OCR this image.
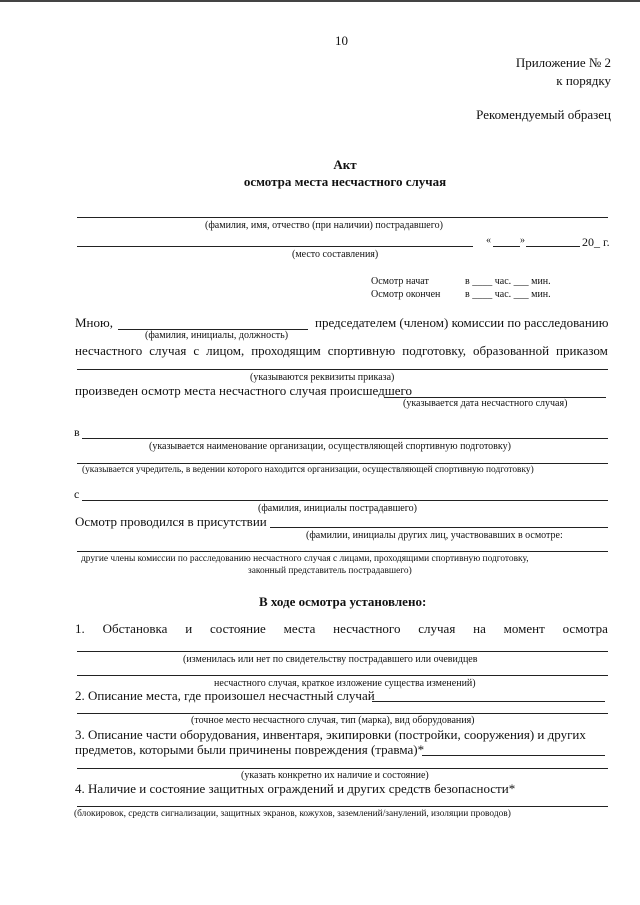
10
Приложение № 2
к порядку
Рекомендуемый образец
Акт
осмотра места несчастного случая
(фамилия, имя, отчество (при наличии) пострадавшего)
«	»	20_ г.
(место составления)
Осмотр начат	в ____ час. ___ мин.
Осмотр окончен в ____ час. ___ мин.
Мною,	председателем (членом) комиссии по расследованию
(фамилия, инициалы, должность)
несчастного случая с лицом, проходящим спортивную подготовку, образованной приказом
(указываются реквизиты приказа)
произведен осмотр места несчастного случая происшедшего
(указывается дата несчастного случая)
в
(указывается наименование организации, осуществляющей спортивную подготовку)
(указывается учредитель, в ведении которого находится организации, осуществляющей спортивную подготовку)
с
(фамилия, инициалы пострадавшего)
Осмотр проводился в присутствии
(фамилии, инициалы других лиц, участвовавших в осмотре:
другие члены комиссии по расследованию несчастного случая с лицами, проходящими спортивную подготовку,
законный представитель пострадавшего)
В ходе осмотра установлено:
1. Обстановка и состояние места несчастного случая на момент осмотра
(изменилась или нет по свидетельству пострадавшего или очевидцев
несчастного случая, краткое изложение существа изменений)
2. Описание места, где произошел несчастный случай
(точное место несчастного случая, тип (марка), вид оборудования)
3. Описание части оборудования, инвентаря, экипировки (постройки, сооружения) и других
предметов, которыми были причинены повреждения (травма)*
(указать конкретно их наличие и состояние)
4. Наличие и состояние защитных ограждений и других средств безопасности*
(блокировок, средств сигнализации, защитных экранов, кожухов, заземлений/занулений, изоляции проводов)
